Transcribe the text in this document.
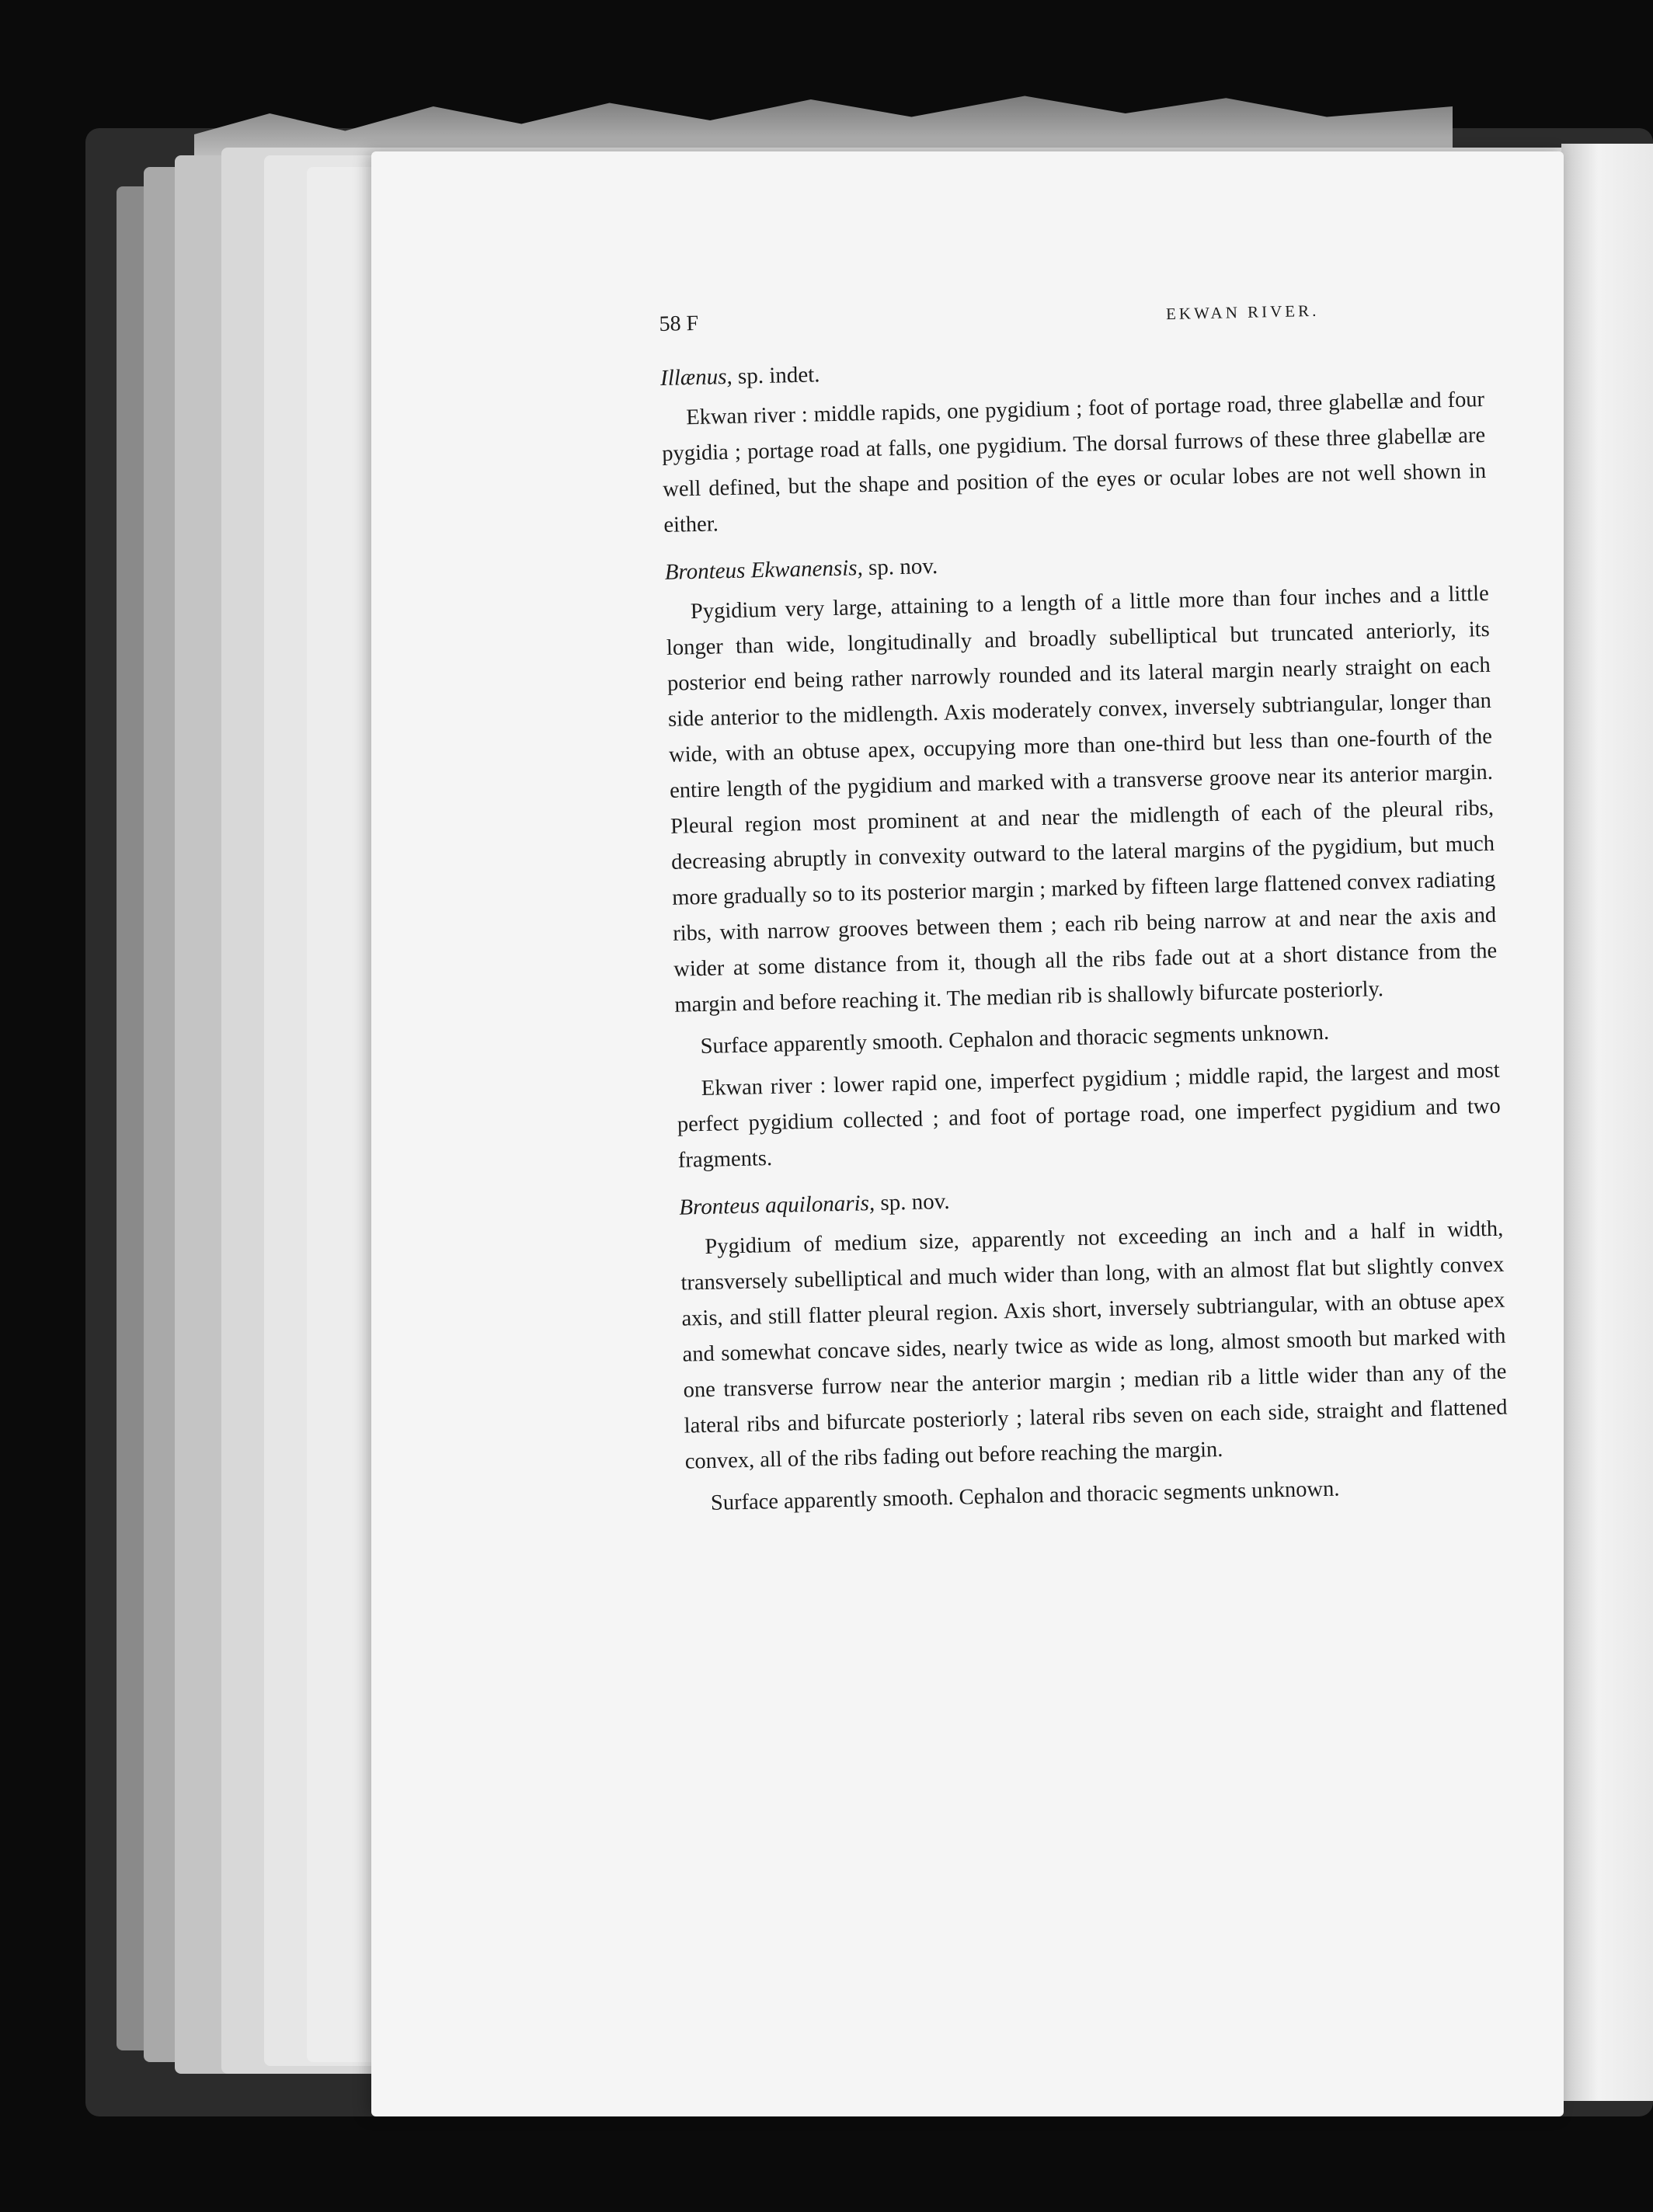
58 F	EKWAN RIVER.
Illænus, sp. indet.

Ekwan river : middle rapids, one pygidium ; foot of portage road, three glabellæ and four pygidia ; portage road at falls, one pygidium. The dorsal furrows of these three glabellæ are well defined, but the shape and position of the eyes or ocular lobes are not well shown in either.

Bronteus Ekwanensis, sp. nov.

Pygidium very large, attaining to a length of a little more than four inches and a little longer than wide, longitudinally and broadly subelliptical but truncated anteriorly, its posterior end being rather narrowly rounded and its lateral margin nearly straight on each side anterior to the midlength. Axis moderately convex, inversely subtriangular, longer than wide, with an obtuse apex, occupying more than one-third but less than one-fourth of the entire length of the pygidium and marked with a transverse groove near its anterior margin. Pleural region most prominent at and near the midlength of each of the pleural ribs, decreasing abruptly in convexity outward to the lateral margins of the pygidium, but much more gradually so to its posterior margin ; marked by fifteen large flattened convex radiating ribs, with narrow grooves between them ; each rib being narrow at and near the axis and wider at some distance from it, though all the ribs fade out at a short distance from the margin and before reaching it. The median rib is shallowly bifurcate posteriorly.

Surface apparently smooth. Cephalon and thoracic segments unknown.

Ekwan river : lower rapid one, imperfect pygidium ; middle rapid, the largest and most perfect pygidium collected ; and foot of portage road, one imperfect pygidium and two fragments.

Bronteus aquilonaris, sp. nov.

Pygidium of medium size, apparently not exceeding an inch and a half in width, transversely subelliptical and much wider than long, with an almost flat but slightly convex axis, and still flatter pleural region. Axis short, inversely subtriangular, with an obtuse apex and somewhat concave sides, nearly twice as wide as long, almost smooth but marked with one transverse furrow near the anterior margin ; median rib a little wider than any of the lateral ribs and bifurcate posteriorly ; lateral ribs seven on each side, straight and flattened convex, all of the ribs fading out before reaching the margin.

Surface apparently smooth. Cephalon and thoracic segments unknown.
